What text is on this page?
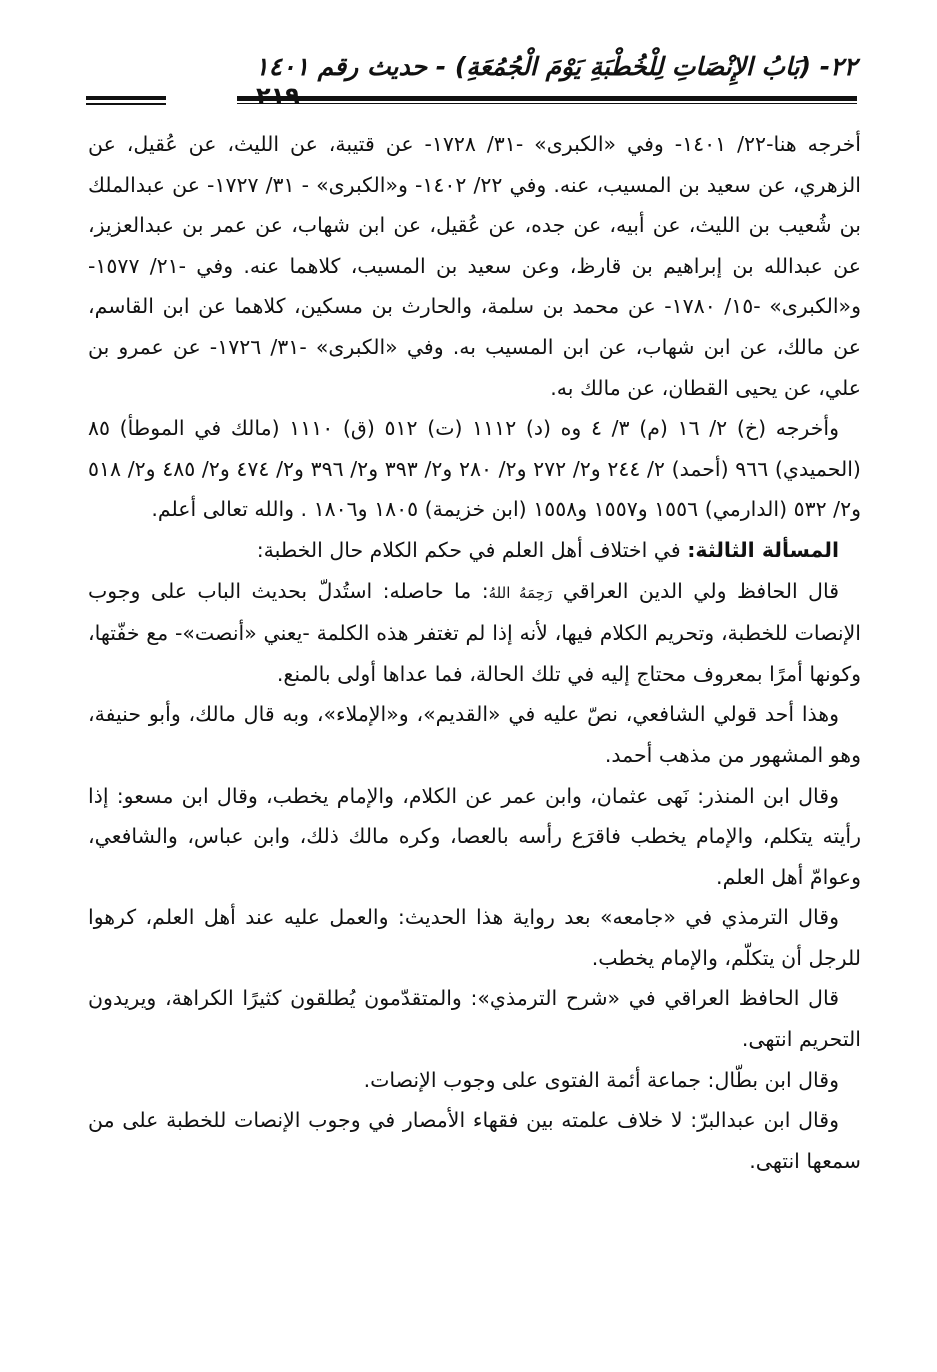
٢٢- (بَابُ الإِنْصَاتِ لِلْخُطْبَةِ يَوْمَ الْجُمُعَةِ) - حديث رقم ١٤٠١

أخرجه هنا-٢٢/ ١٤٠١- وفي «الكبرى» -٣١/ ١٧٢٨- عن قتيبة، عن الليث، عن عُقيل، عن الزهري، عن سعيد بن المسيب، عنه. وفي ٢٢/ ١٤٠٢- و«الكبرى» - ٣١/ ١٧٢٧- عن عبدالملك بن شُعيب بن الليث، عن أبيه، عن جده، عن عُقيل، عن ابن شهاب، عن عمر بن عبدالعزيز، عن عبدالله بن إبراهيم بن قارظ، وعن سعيد بن المسيب، كلاهما عنه. وفي -٢١/ ١٥٧٧- و«الكبرى» -١٥/ ١٧٨٠- عن محمد بن سلمة، والحارث بن مسكين، كلاهما عن ابن القاسم، عن مالك، عن ابن شهاب، عن ابن المسيب به. وفي «الكبرى» -٣١/ ١٧٢٦- عن عمرو بن علي، عن يحيى القطان، عن مالك به.

وأخرجه (خ) ٢/ ١٦ (م) ٣/ ٤ وه (د) ١١١٢ (ت) ٥١٢ (ق) ١١١٠ (مالك في الموطأ) ٨٥ (الحميدي) ٩٦٦ (أحمد) ٢/ ٢٤٤ و٢/ ٢٧٢ و٢/ ٢٨٠ و٢/ ٣٩٣ و٢/ ٣٩٦ و٢/ ٤٧٤ و٢/ ٤٨٥ و٢/ ٥١٨ و٢/ ٥٣٢ (الدارمي) ١٥٥٦ و١٥٥٧ و١٥٥٨ (ابن خزيمة) ١٨٠٥ و١٨٠٦ . والله تعالى أعلم.

المسألة الثالثة: في اختلاف أهل العلم في حكم الكلام حال الخطبة:

قال الحافظ ولي الدين العراقي رَحِمَهُ اللهُ: ما حاصله: استُدلّ بحديث الباب على وجوب الإنصات للخطبة، وتحريم الكلام فيها، لأنه إذا لم تغتفر هذه الكلمة -يعني «أنصت»- مع خفّتها، وكونها أمرًا بمعروف محتاج إليه في تلك الحالة، فما عداها أولى بالمنع.

وهذا أحد قولي الشافعي، نصّ عليه في «القديم»، و«الإملاء»، وبه قال مالك، وأبو حنيفة، وهو المشهور من مذهب أحمد.

وقال ابن المنذر: نَهى عثمان، وابن عمر عن الكلام، والإمام يخطب، وقال ابن مسعو: إذا رأيته يتكلم، والإمام يخطب فاقرَع رأسه بالعصا، وكره مالك ذلك، وابن عباس، والشافعي، وعوامّ أهل العلم.

وقال الترمذي في «جامعه» بعد رواية هذا الحديث: والعمل عليه عند أهل العلم، كرهوا للرجل أن يتكلّم، والإمام يخطب.

قال الحافظ العراقي في «شرح الترمذي»: والمتقدّمون يُطلقون كثيرًا الكراهة، ويريدون التحريم انتهى.

وقال ابن بطّال: جماعة أئمة الفتوى على وجوب الإنصات.

وقال ابن عبدالبرّ: لا خلاف علمته بين فقهاء الأمصار في وجوب الإنصات للخطبة على من سمعها انتهى.
